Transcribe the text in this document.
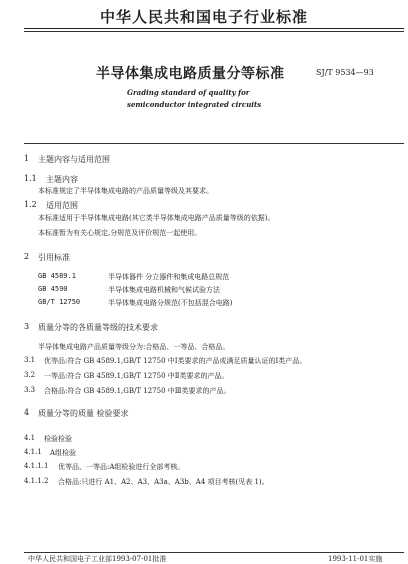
中华人民共和国电子行业标准
半导体集成电路质量分等标准	SJ/T 9534—93
Grading standard of quality for
semiconductor integrated circuits
1 主题内容与适用范围
1.1 主题内容
本标准规定了半导体集成电路的产品质量等级及其要求。
1.2 适用范围
本标准适用于半导体集成电路(其它类半导体集成电路产品质量等级的依据)。
本标准暂为有关心规定,分规范及评价规范一起使用。
2 引用标准
GB 4589.1	半导体器件 分立器件和集成电路总规范
GB 4590	半导体集成电路机械和气候试验方法
GB/T 12750	半导体集成电路分规范(不包括混合电路)
3 质量分等的各质量等级的技术要求
半导体集成电路产品质量等级分为:合格品、一等品、合格品。
3.1 优等品:符合 GB 4589.1,GB/T 12750 中Ⅰ类要求的产品或满足质量认证的Ⅰ类产品。
3.2 一等品:符合 GB 4589.1,GB/T 12750 中Ⅱ类要求的产品。
3.3 合格品:符合 GB 4589.1,GB/T 12750 中Ⅲ类要求的产品。
4 质量分等的质量 检验要求
4.1 检验检验
4.1.1 A组检验
4.1.1.1 优等品、一等品:A组检验进行全部考核。
4.1.1.2 合格品:只进行 A1、A2、A3、A3a、A3b、A4 项目考核(见表 1)。
中华人民共和国电子工业部1993-07-01批准	1993-11-01实施
